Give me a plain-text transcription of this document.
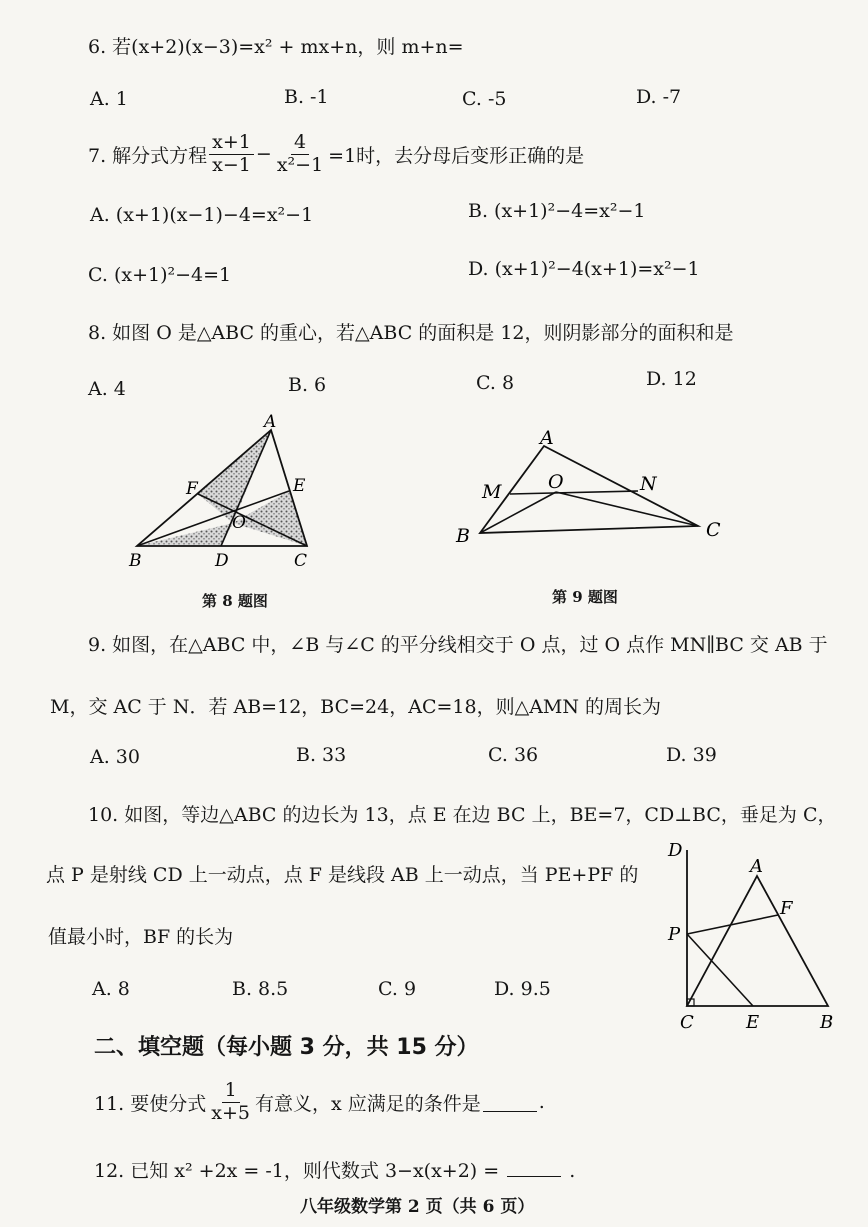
6. 若(x+2)(x−3)=x² + mx+n，则 m+n=
A. 1	B. -1	C. -5	D. -7
7. 解分式方程 $\frac{x+1}{x-1} - \frac{4}{\text{x²−1}} =1$时，去分母后变形正确的是
A. (x+1)(x−1)−4=x²−1	B. (x+1)²−4=x²−1
C. (x+1)²−4=1	D. (x+1)²−4(x+1)=x²−1
8. 如图 O 是△ABC 的重心，若△ABC 的面积是 12，则阴影部分的面积和是
A. 4	B. 6	C. 8	D. 12
A
F	E
O
B	D	C
第 8 题图
A
M O	N
B	C
第 9 题图
9. 如图，在△ABC 中，∠B 与∠C 的平分线相交于 O 点，过 O 点作 MN∥BC 交 AB 于
M，交 AC 于 N．若 AB=12，BC=24，AC=18，则△AMN 的周长为
A. 30	B. 33	C. 36	D. 39
10. 如图，等边△ABC 的边长为 13，点 E 在边 BC 上，BE=7，CD⊥BC，垂足为 C，
点 P 是射线 CD 上一动点，点 F 是线段 AB 上一动点，当 PE+PF 的
值最小时，BF 的长为
A. 8	B. 8.5	C. 9	D. 9.5
D
A
F
P
C	E	B
二、填空题（每小题 3 分，共 15 分）
11. 要使分式 $\frac{1}{x+5}$ 有意义，x 应满足的条件是	.
12. 已知 x² +2x = -1，则代数式 3−x(x+2) =	.
八年级数学第 2 页（共 6 页）
